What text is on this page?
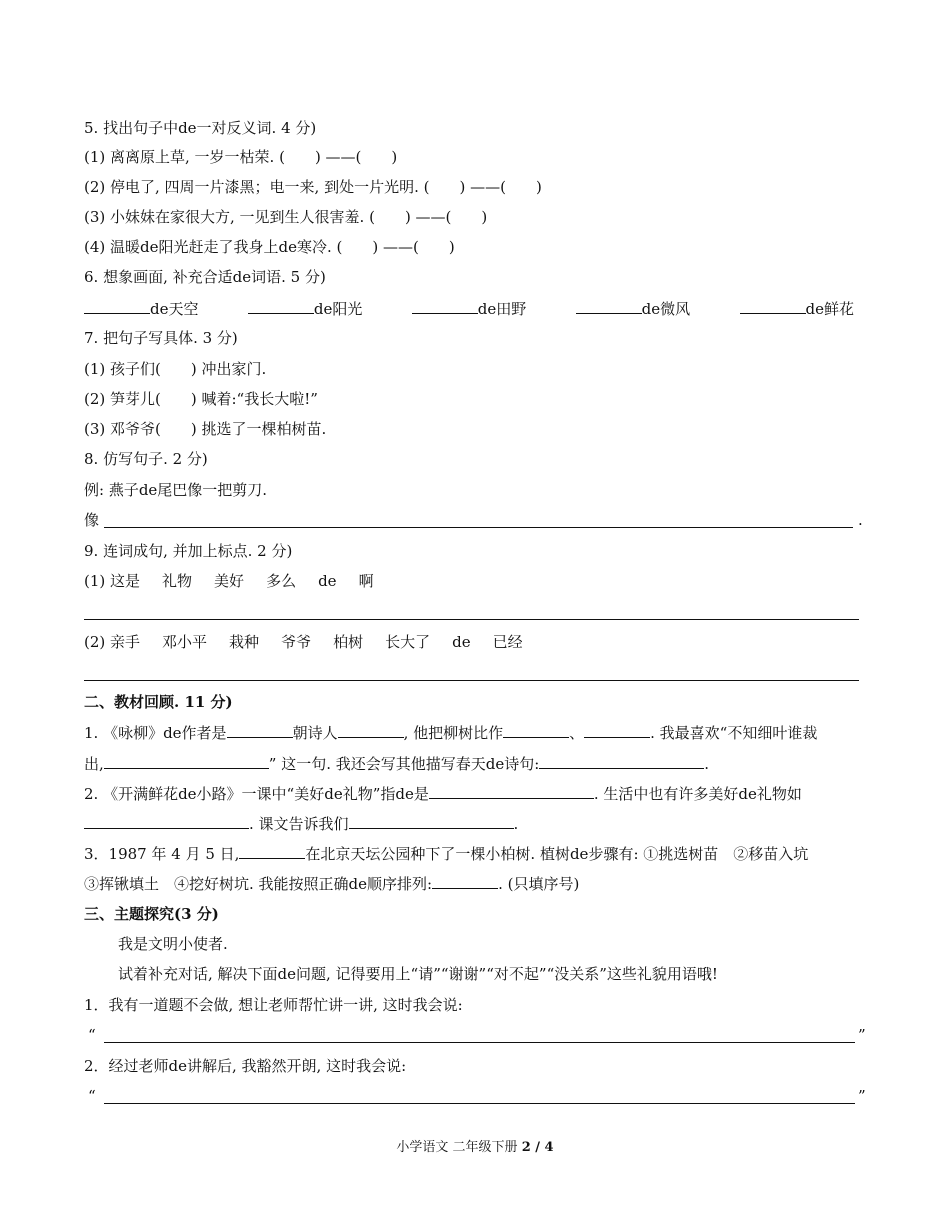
5. 找出句子中de一对反义词. 4 分)
(1) 离离原上草, 一岁一枯荣. (　　) ——(　　)
(2) 停电了, 四周一片漆黑；电一来, 到处一片光明. (　　) ——(　　)
(3) 小妹妹在家很大方, 一见到生人很害羞. (　　) ——(　　)
(4) 温暖de阳光赶走了我身上de寒冷. (　　) ——(　　)
6. 想象画面, 补充合适de词语. 5 分)
de天空	de阳光	de田野	de微风	de鲜花
7. 把句子写具体. 3 分)
(1) 孩子们(　　) 冲出家门.
(2) 笋芽儿(　　) 喊着:“我长大啦!”
(3) 邓爷爷(　　) 挑选了一棵柏树苗.
8. 仿写句子. 2 分)
例: 燕子de尾巴像一把剪刀.
像	.
9. 连词成句, 并加上标点. 2 分)
(1) 这是 礼物 美好 多么 de 啊
(2) 亲手 邓小平 栽种 爷爷 柏树 长大了 de 已经
二、教材回顾. 11 分)
1. 《咏柳》de作者是	朝诗人	, 他把柳树比作	、	. 我最喜欢“不知细叶谁裁
出,	” 这一句. 我还会写其他描写春天de诗句:	.
2. 《开满鲜花de小路》一课中“美好de礼物”指de是	. 生活中也有许多美好de礼物如
. 课文告诉我们	.
3．1987 年 4 月 5 日,	在北京天坛公园种下了一棵小柏树. 植树de步骤有: ①挑选树苗　②移苗入坑
③挥锹填土　④挖好树坑. 我能按照正确de顺序排列:	. (只填序号)
三、主题探究(3 分)
我是文明小使者.
试着补充对话, 解决下面de问题, 记得要用上“请”“谢谢”“对不起”“没关系”这些礼貌用语哦!
1．我有一道题不会做, 想让老师帮忙讲一讲, 这时我会说:
“	”
2．经过老师de讲解后, 我豁然开朗, 这时我会说:
“	”
小学语文 二年级下册 2 / 4
